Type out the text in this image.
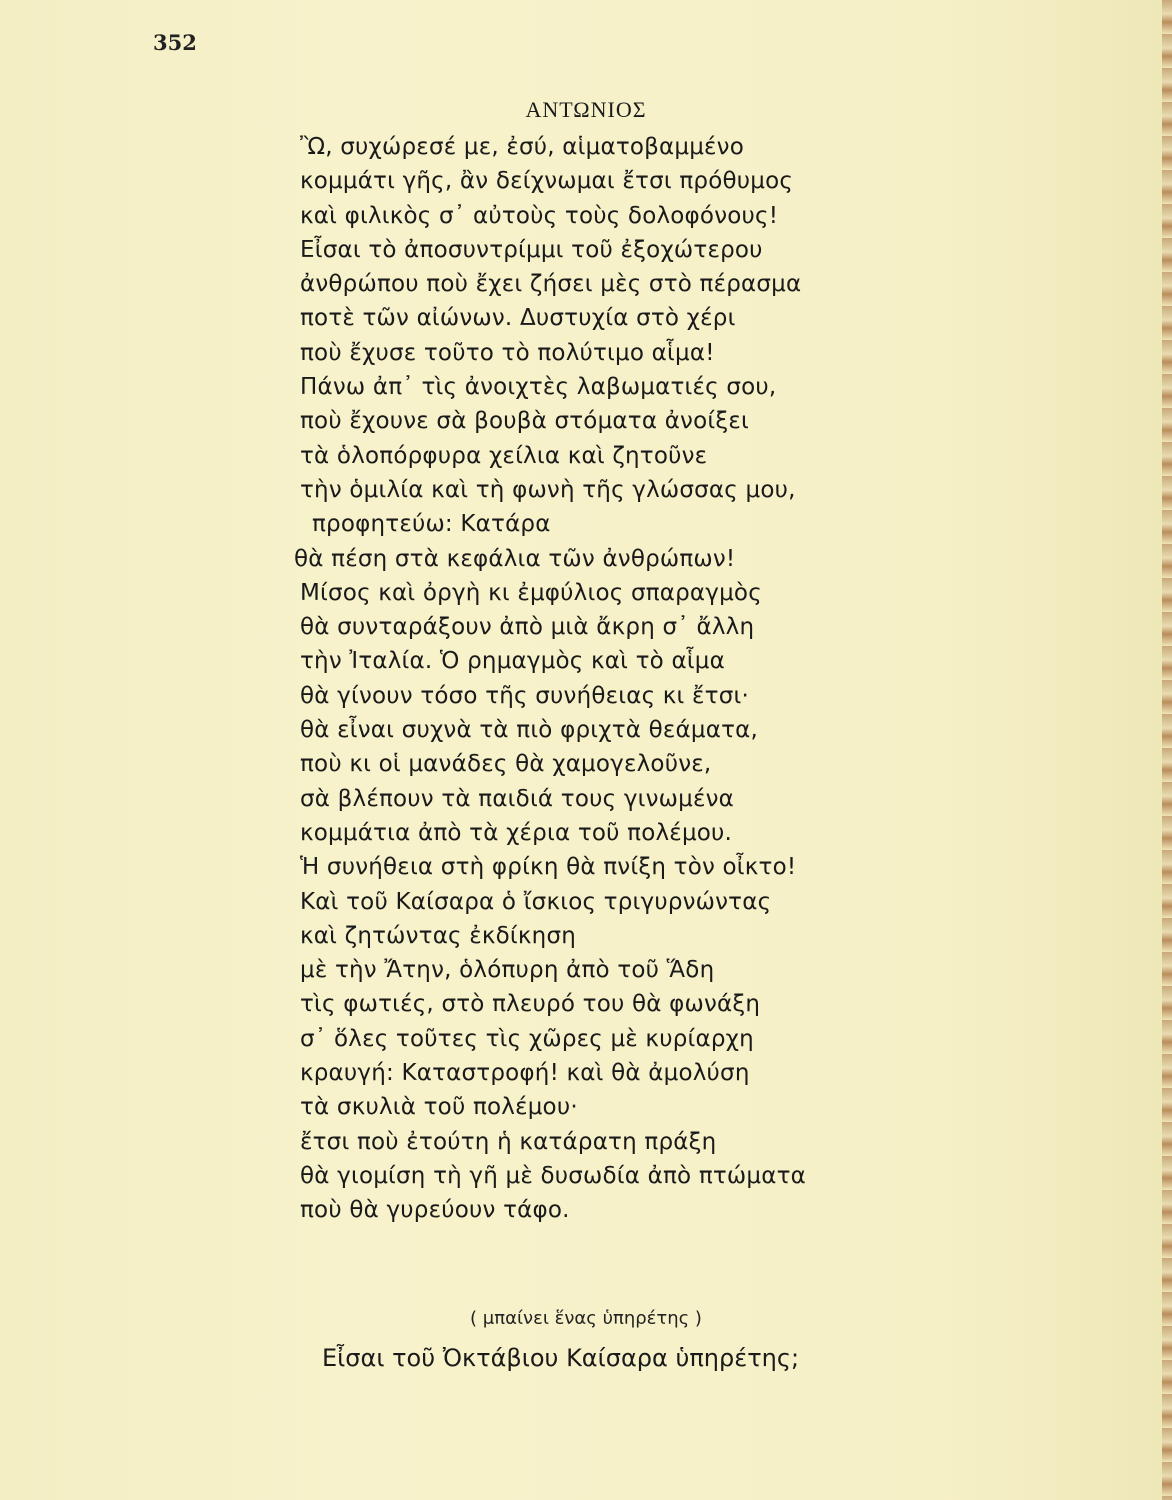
352
ΑΝΤΩΝΙΟΣ
Ὢ, συχώρεσέ με, ἐσύ, αἱματοβαμμένο
κομμάτι γῆς, ἂν δείχνωμαι ἔτσι πρόθυμος
καὶ φιλικὸς σ᾽ αὐτοὺς τοὺς δολοφόνους!
Εἶσαι τὸ ἀποσυντρίμμι τοῦ ἐξοχώτερου
ἀνθρώπου ποὺ ἔχει ζήσει μὲς στὸ πέρασμα
ποτὲ τῶν αἰώνων. Δυστυχία στὸ χέρι
ποὺ ἔχυσε τοῦτο τὸ πολύτιμο αἷμα!
Πάνω ἀπ᾽ τὶς ἀνοιχτὲς λαβωματιές σου,
ποὺ ἔχουνε σὰ βουβὰ στόματα ἀνοίξει
τὰ ὁλοπόρφυρα χείλια καὶ ζητοῦνε
τὴν ὁμιλία καὶ τὴ φωνὴ τῆς γλώσσας μου,
προφητεύω: Κατάρα
θὰ πέση στὰ κεφάλια τῶν ἀνθρώπων!
Μίσος καὶ ὀργὴ κι ἐμφύλιος σπαραγμὸς
θὰ συνταράξουν ἀπὸ μιὰ ἄκρη σ᾽ ἄλλη
τὴν Ἰταλία. Ὁ ρημαγμὸς καὶ τὸ αἷμα
θὰ γίνουν τόσο τῆς συνήθειας κι ἔτσι·
θὰ εἶναι συχνὰ τὰ πιὸ φριχτὰ θεάματα,
ποὺ κι οἱ μανάδες θὰ χαμογελοῦνε,
σὰ βλέπουν τὰ παιδιά τους γινωμένα
κομμάτια ἀπὸ τὰ χέρια τοῦ πολέμου.
Ἡ συνήθεια στὴ φρίκη θὰ πνίξη τὸν οἶκτο!
Καὶ τοῦ Καίσαρα ὁ ἴσκιος τριγυρνώντας
καὶ ζητώντας ἐκδίκηση
μὲ τὴν Ἄτην, ὁλόπυρη ἀπὸ τοῦ Ἅδη
τὶς φωτιές, στὸ πλευρό του θὰ φωνάξη
σ᾽ ὅλες τοῦτες τὶς χῶρες μὲ κυρίαρχη
κραυγή: Καταστροφή! καὶ θὰ ἀμολύση
τὰ σκυλιὰ τοῦ πολέμου·
ἔτσι ποὺ ἐτούτη ἡ κατάρατη πράξη
θὰ γιομίση τὴ γῆ μὲ δυσωδία ἀπὸ πτώματα
ποὺ θὰ γυρεύουν τάφο.
( μπαίνει ἕνας ὑπηρέτης )
Εἶσαι τοῦ Ὀκτάβιου Καίσαρα ὑπηρέτης;
